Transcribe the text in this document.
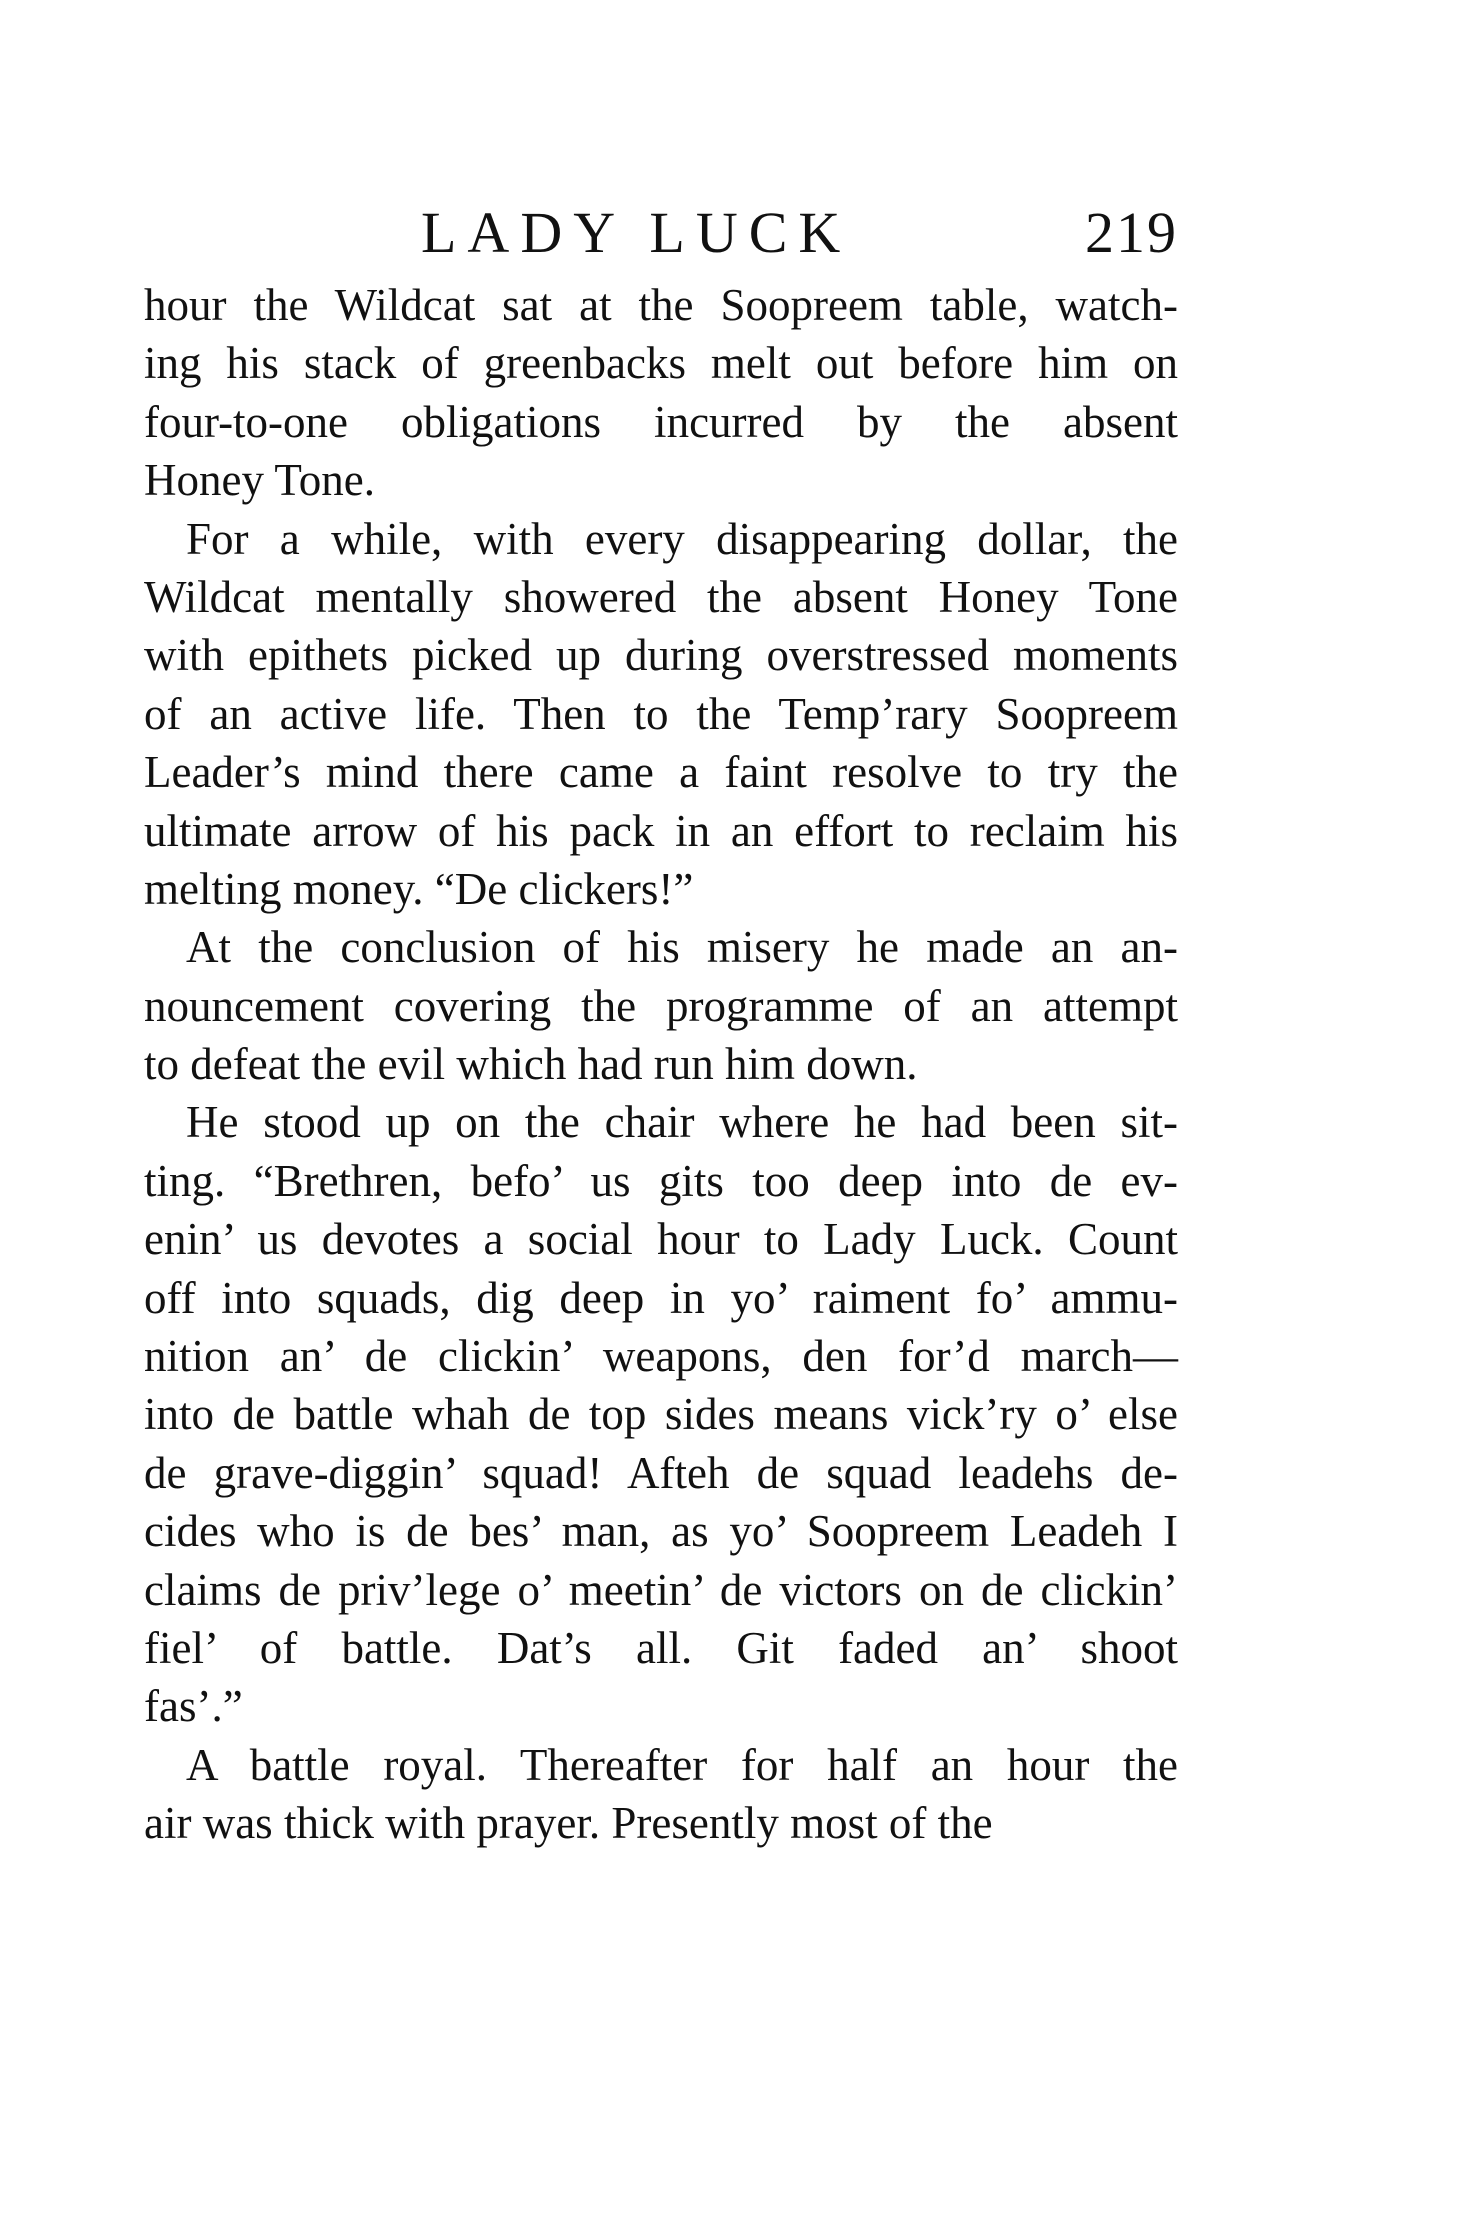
LADY LUCK	219
hour the Wildcat sat at the Soopreem table, watch-
ing his stack of greenbacks melt out before him on
four-to-one obligations incurred by the absent
Honey Tone.
For a while, with every disappearing dollar, the
Wildcat mentally showered the absent Honey Tone
with epithets picked up during overstressed moments
of an active life. Then to the Temp’rary Soopreem
Leader’s mind there came a faint resolve to try the
ultimate arrow of his pack in an effort to reclaim his
melting money. “De clickers!”
At the conclusion of his misery he made an an-
nouncement covering the programme of an attempt
to defeat the evil which had run him down.
He stood up on the chair where he had been sit-
ting. “Brethren, befo’ us gits too deep into de ev-
enin’ us devotes a social hour to Lady Luck. Count
off into squads, dig deep in yo’ raiment fo’ ammu-
nition an’ de clickin’ weapons, den for’d march—
into de battle whah de top sides means vick’ry o’ else
de grave-diggin’ squad! Afteh de squad leadehs de-
cides who is de bes’ man, as yo’ Soopreem Leadeh I
claims de priv’lege o’ meetin’ de victors on de clickin’
fiel’ of battle. Dat’s all. Git faded an’ shoot
fas’.”
A battle royal. Thereafter for half an hour the
air was thick with prayer. Presently most of the
